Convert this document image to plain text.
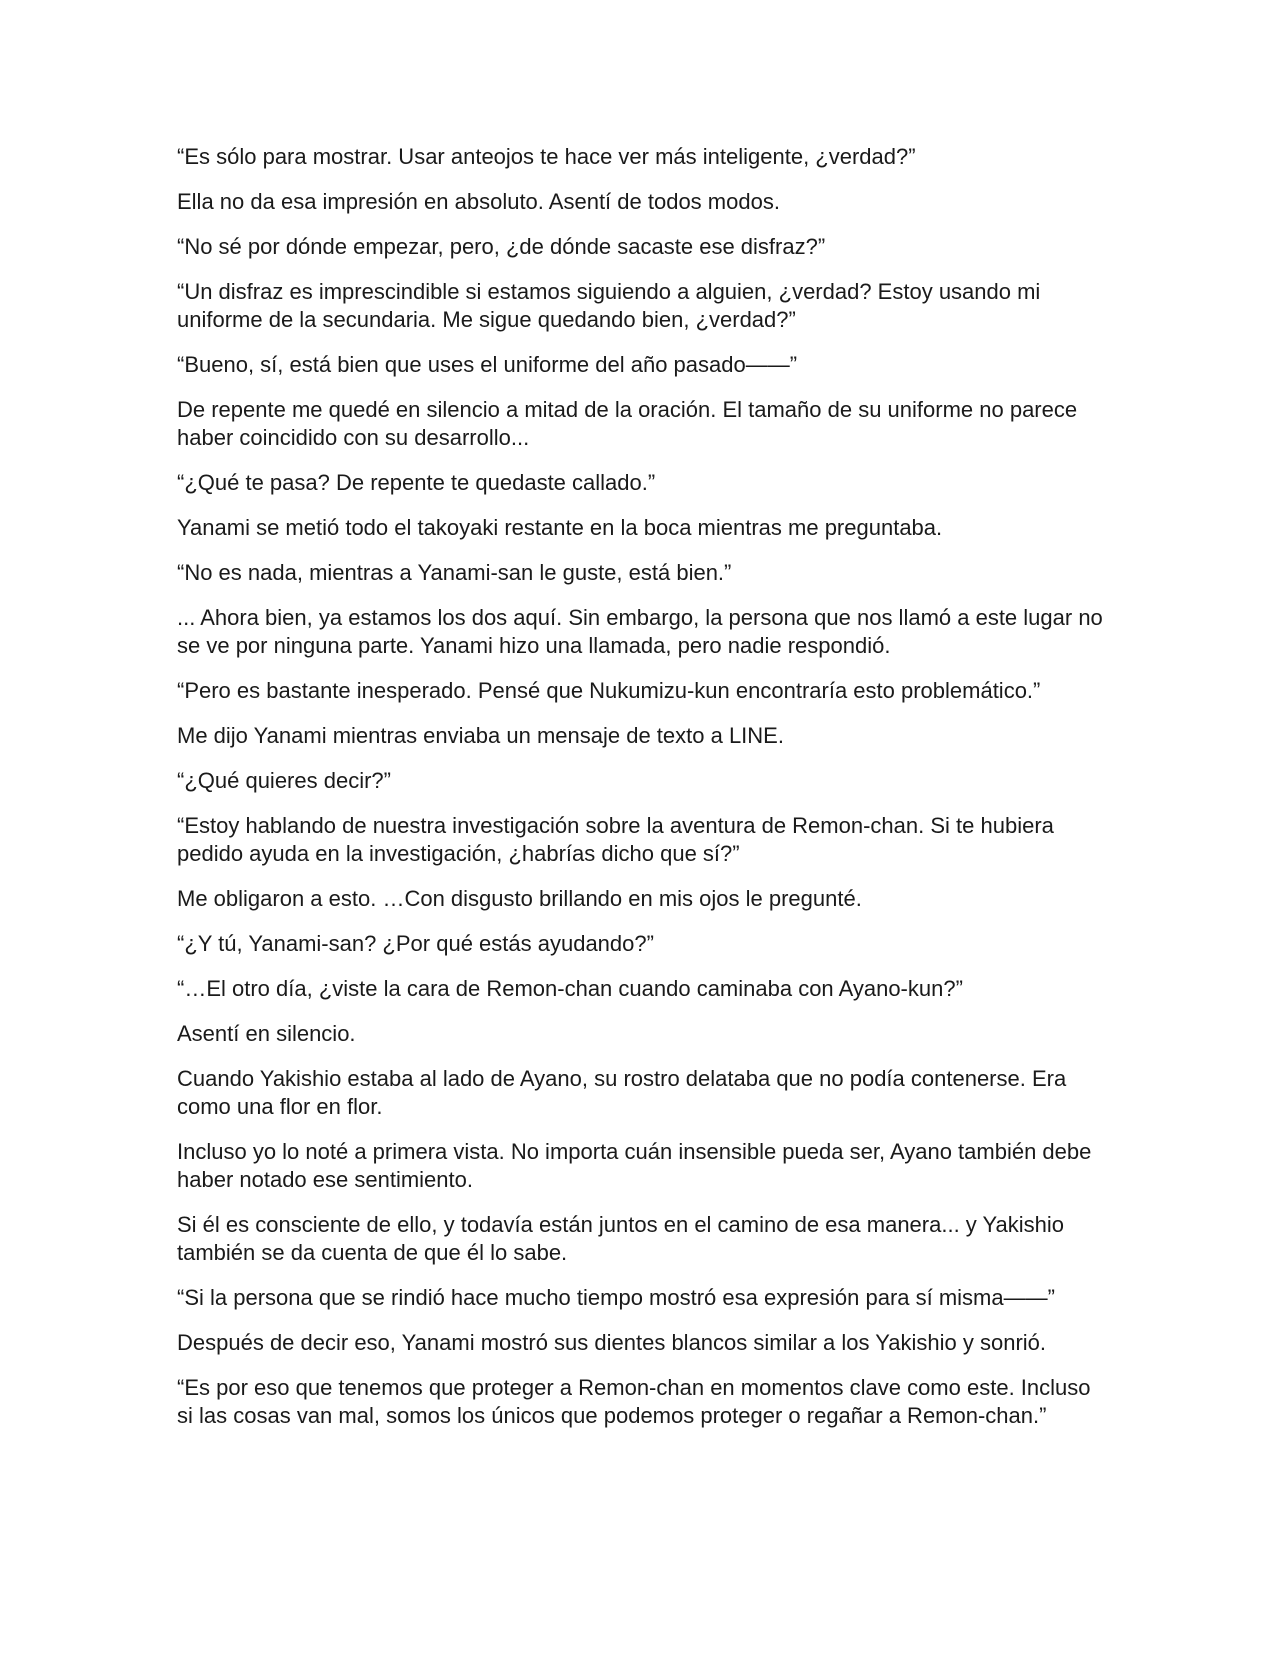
“Es sólo para mostrar. Usar anteojos te hace ver más inteligente, ¿verdad?”

Ella no da esa impresión en absoluto. Asentí de todos modos.

“No sé por dónde empezar, pero, ¿de dónde sacaste ese disfraz?”

“Un disfraz es imprescindible si estamos siguiendo a alguien, ¿verdad? Estoy usando mi uniforme de la secundaria. Me sigue quedando bien, ¿verdad?”

“Bueno, sí, está bien que uses el uniforme del año pasado——”

De repente me quedé en silencio a mitad de la oración. El tamaño de su uniforme no parece haber coincidido con su desarrollo...

“¿Qué te pasa? De repente te quedaste callado.”

Yanami se metió todo el takoyaki restante en la boca mientras me preguntaba.

“No es nada, mientras a Yanami-san le guste, está bien.”

... Ahora bien, ya estamos los dos aquí. Sin embargo, la persona que nos llamó a este lugar no se ve por ninguna parte. Yanami hizo una llamada, pero nadie respondió.

“Pero es bastante inesperado. Pensé que Nukumizu-kun encontraría esto problemático.”

Me dijo Yanami mientras enviaba un mensaje de texto a LINE.

“¿Qué quieres decir?”

“Estoy hablando de nuestra investigación sobre la aventura de Remon-chan. Si te hubiera pedido ayuda en la investigación, ¿habrías dicho que sí?”

Me obligaron a esto. …Con disgusto brillando en mis ojos le pregunté.

“¿Y tú, Yanami-san? ¿Por qué estás ayudando?”

“…El otro día, ¿viste la cara de Remon-chan cuando caminaba con Ayano-kun?”

Asentí en silencio.

Cuando Yakishio estaba al lado de Ayano, su rostro delataba que no podía contenerse. Era como una flor en flor.

Incluso yo lo noté a primera vista. No importa cuán insensible pueda ser, Ayano también debe haber notado ese sentimiento.

Si él es consciente de ello, y todavía están juntos en el camino de esa manera... y Yakishio también se da cuenta de que él lo sabe.

“Si la persona que se rindió hace mucho tiempo mostró esa expresión para sí misma——”

Después de decir eso, Yanami mostró sus dientes blancos similar a los Yakishio y sonrió.

“Es por eso que tenemos que proteger a Remon-chan en momentos clave como este. Incluso si las cosas van mal, somos los únicos que podemos proteger o regañar a Remon-chan.”
